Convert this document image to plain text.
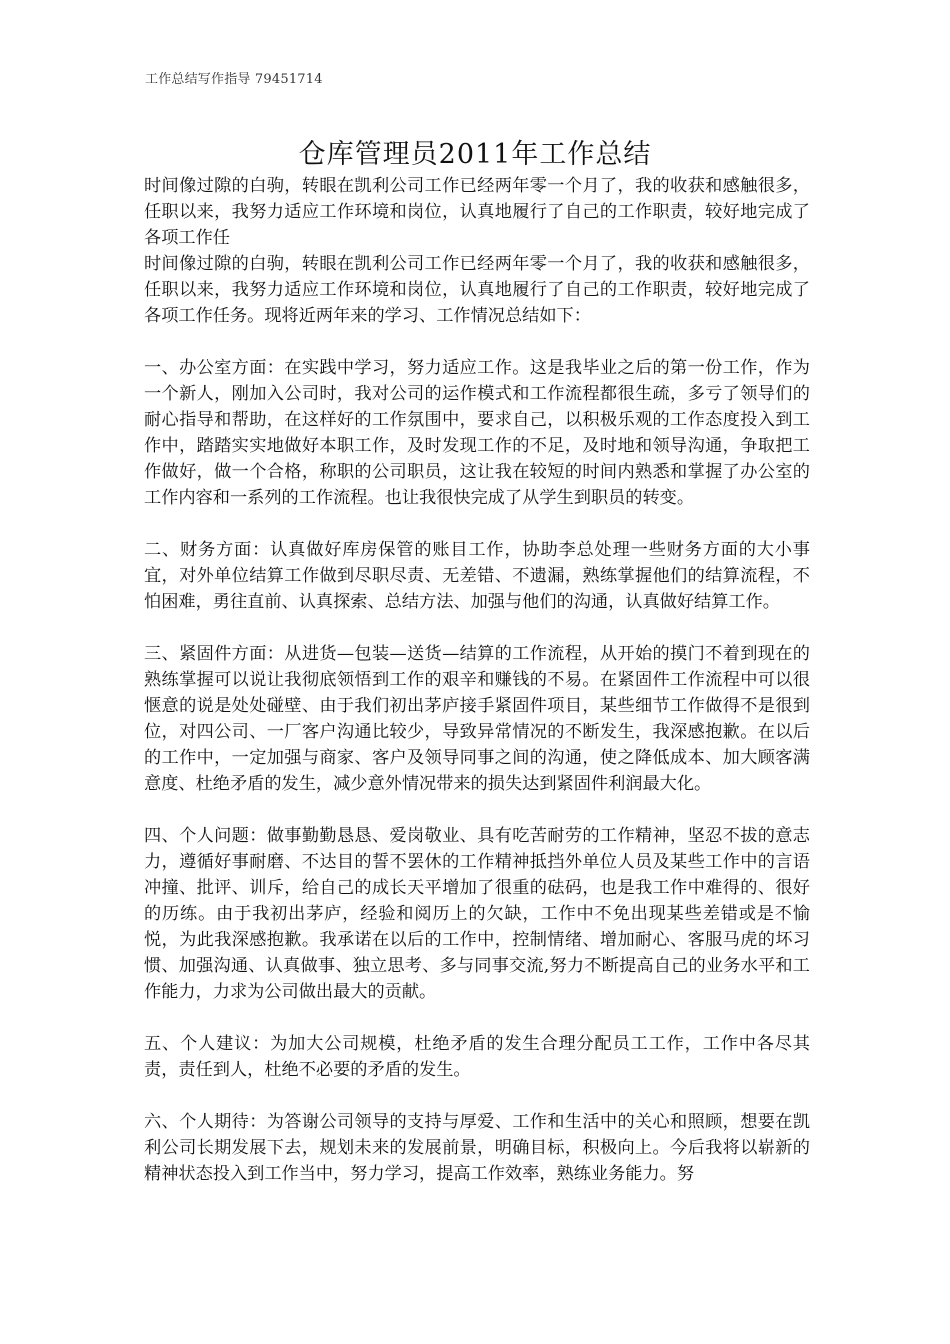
工作总结写作指导 79451714
仓库管理员2011年工作总结

时间像过隙的白驹，转眼在凯利公司工作已经两年零一个月了，我的收获和感触很多，任职以来，我努力适应工作环境和岗位，认真地履行了自己的工作职责，较好地完成了各项工作任

时间像过隙的白驹，转眼在凯利公司工作已经两年零一个月了，我的收获和感触很多，任职以来，我努力适应工作环境和岗位，认真地履行了自己的工作职责，较好地完成了各项工作任务。现将近两年来的学习、工作情况总结如下：

一、办公室方面：在实践中学习，努力适应工作。这是我毕业之后的第一份工作，作为一个新人，刚加入公司时，我对公司的运作模式和工作流程都很生疏，多亏了领导们的耐心指导和帮助，在这样好的工作氛围中，要求自己，以积极乐观的工作态度投入到工作中，踏踏实实地做好本职工作，及时发现工作的不足，及时地和领导沟通，争取把工作做好，做一个合格，称职的公司职员，这让我在较短的时间内熟悉和掌握了办公室的工作内容和一系列的工作流程。也让我很快完成了从学生到职员的转变。

二、财务方面：认真做好库房保管的账目工作，协助李总处理一些财务方面的大小事宜，对外单位结算工作做到尽职尽责、无差错、不遗漏，熟练掌握他们的结算流程，不怕困难，勇往直前、认真探索、总结方法、加强与他们的沟通，认真做好结算工作。

三、紧固件方面：从进货—包装—送货—结算的工作流程，从开始的摸门不着到现在的熟练掌握可以说让我彻底领悟到工作的艰辛和赚钱的不易。在紧固件工作流程中可以很惬意的说是处处碰壁、由于我们初出茅庐接手紧固件项目，某些细节工作做得不是很到位，对四公司、一厂客户沟通比较少，导致异常情况的不断发生，我深感抱歉。在以后的工作中，一定加强与商家、客户及领导同事之间的沟通，使之降低成本、加大顾客满意度、杜绝矛盾的发生，减少意外情况带来的损失达到紧固件利润最大化。

四、个人问题：做事勤勤恳恳、爱岗敬业、具有吃苦耐劳的工作精神，坚忍不拔的意志力，遵循好事耐磨、不达目的誓不罢休的工作精神抵挡外单位人员及某些工作中的言语冲撞、批评、训斥，给自己的成长天平增加了很重的砝码，也是我工作中难得的、很好的历练。由于我初出茅庐，经验和阅历上的欠缺，工作中不免出现某些差错或是不愉悦，为此我深感抱歉。我承诺在以后的工作中，控制情绪、增加耐心、客服马虎的坏习惯、加强沟通、认真做事、独立思考、多与同事交流,努力不断提高自己的业务水平和工作能力，力求为公司做出最大的贡献。

五、个人建议：为加大公司规模，杜绝矛盾的发生合理分配员工工作，工作中各尽其责，责任到人，杜绝不必要的矛盾的发生。

六、个人期待：为答谢公司领导的支持与厚爱、工作和生活中的关心和照顾，想要在凯利公司长期发展下去，规划未来的发展前景，明确目标，积极向上。今后我将以崭新的精神状态投入到工作当中，努力学习，提高工作效率，熟练业务能力。努
